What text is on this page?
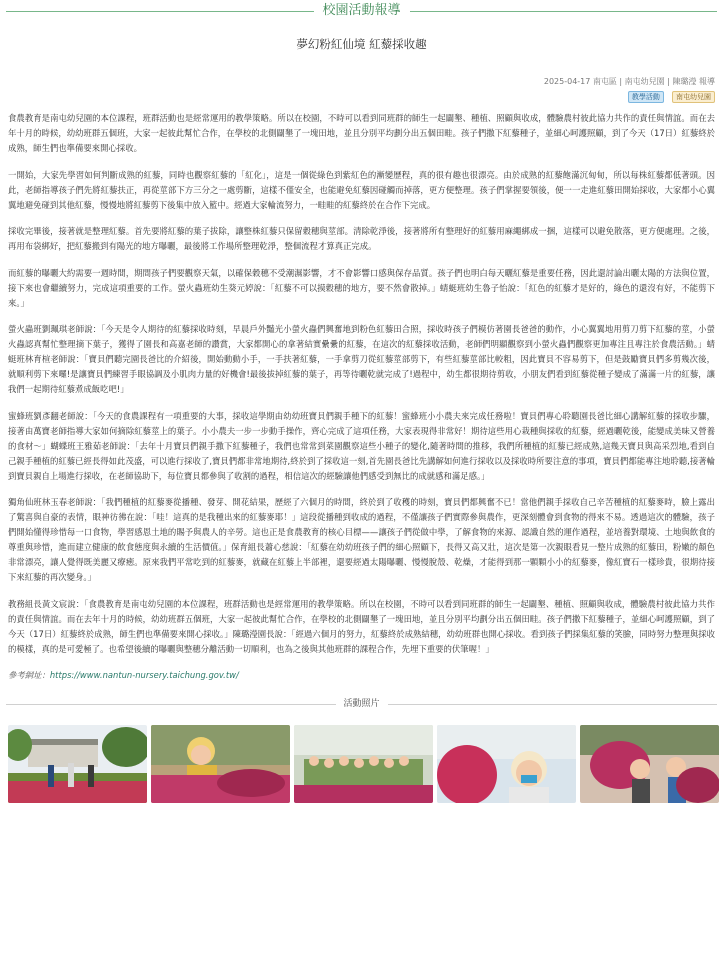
校園活動報導
夢幻粉紅仙境 紅藜採收趣
2025-04-17 南屯區 | 南屯幼兒園 | 陳璐瀅 報導
教學活動 南屯幼兒園

食農教育是南屯幼兒園的本位課程，班群活動也是經常運用的教學策略。所以在校園，不時可以看到同班群的師生一起闢墾、種植、照顧與收成，體驗農村彼此協力共作的責任與情誼。而在去年十月的時候，幼幼班群五個班，大家一起彼此幫忙合作，在學校的北側闢墾了一塊田地，並且分別平均劃分出五個田畦。孩子們撒下紅藜種子，並細心呵護照顧，到了今天（17日）紅藜終於成熟，師生們也準備要來開心採收。

一開始，大家先學習如何判斷成熟的紅藜，同時也觀察紅藜的「紅化」，這是一個從綠色到紫紅色的漸變歷程，真的很有趣也很漂亮。由於成熟的紅藜飽滿沉甸甸，所以每株紅藜都低著頭。因此，老師指導孩子們先將紅藜扶正，再從莖部下方三分之一處剪斷，這樣不僅安全，也能避免紅藜因碰觸而掉落，更方便整理。孩子們掌握要領後，便一一走進紅藜田開始採收，大家都小心翼翼地避免碰到其他紅藜，慢慢地將紅藜剪下後集中放入籃中。經過大家輪流努力，一畦畦的紅藜終於在合作下完成。

採收完畢後，接著就是整理紅藜。首先要將紅藜的葉子拔除，讓整株紅藜只保留穀穗與莖部。清除乾淨後，接著將所有整理好的紅藜用麻繩綁成一捆，這樣可以避免散落，更方便處理。之後，再用布袋綁好，把紅藜搬到有陽光的地方曝曬，最後將工作場所整理乾淨，整個流程才算真正完成。

而紅藜的曝曬大約需要一週時間，期間孩子們要觀察天氣，以確保穀穗不受潮濕影響，才不會影響口感與保存品質。孩子們也明白每天曬紅藜是重要任務，因此還討論出曬太陽的方法與位置，接下來也會繼續努力，完成這項重要的工作。螢火蟲班幼生葵元婷說：「紅藜不可以摸穀穗的地方，要不然會散掉。」蜻蜓班幼生魯子怡說：「紅色的紅藜才是好的，綠色的還沒有好，不能剪下來。」

螢火蟲班劉珮琪老師說：「今天是令人期待的紅藜採收時刻，早晨戶外豔光小螢火蟲們興奮地到粉色紅藜田合照，採收時孩子們模仿著園長爸爸的動作，小心翼翼地用剪刀剪下紅藜的莖，小螢火蟲認真幫忙整理摘下葉子，獲得了園長和高嘉老師的讚賞，大家都開心的拿著結實纍纍的紅藜，在這次的紅藜採收活動，老師們明顯觀察到小螢火蟲們觀察更加專注且專注於食農活動。」蜻蜓班林育楦老師說：「寶貝們聽完園長爸比的介紹後，開始動動小手，一手扶著紅藜，一手拿剪刀從紅藜莖部剪下，有些紅藜莖部比較粗，因此寶貝不容易剪下，但是鼓勵寶貝們多剪幾次後，就順利剪下來囉!是讓寶貝們練習手眼協調及小肌肉力量的好機會!最後拔掉紅藜的葉子，再等待曬乾就完成了!過程中，幼生都很期待剪收，小朋友們看到紅藜從種子變成了滿滿一片的紅藜，讓我們一起期待紅藜煮成飯吃吧!」

蜜蜂班劉彥翻老師說：「今天的食農課程有一項重要的大事，採收這學期由幼幼班寶貝們親手種下的紅藜！蜜蜂班小小農夫來完成任務啦！寶貝們專心聆聽園長爸比細心講解紅藜的採收步驟，接著由萬寶老師指導大家如何摘除紅藜莖上的葉子。小小農夫一步一步動手操作，齊心完成了這項任務，大家表現得非常好！期待這些用心栽種與採收的紅藜，經過曬乾後，能變成美味又營養的食材～」蝴蝶班王雅茹老師說：「去年十月寶貝們親手撒下紅藜種子，我們也常常到菜園觀察這些小種子的變化,隨著時間的推移，我們所種植的紅藜已經成熟,這幾天寶貝與高采烈地,看到自己親手種植的紅藜已經長得如此茂盛，可以進行採收了,寶貝們都非常地期待,終於到了採收這一刻,首先園長爸比先講解如何進行採收以及採收時所要注意的事項，寶貝們都能專注地聆聽,接著輪到寶貝親自上場進行採收，在老師協助下，每位寶貝都參與了收割的過程，相信這次的經驗讓他們感受到無比的成就感和滿足感。」

獨角仙班林玉春老師說：「我們種植的紅藜麥從播種、發芽、開花結果，歷經了六個月的時間，終於到了收穫的時刻，寶貝們都興奮不已！當他們親手採收自己辛苦種植的紅藜麥時，臉上露出了驚喜與自豪的表情，眼神彷彿在說：「哇！這真的是我種出來的紅藜麥耶！」這段從播種到收成的過程，不僅讓孩子們實際參與農作，更深刻體會到食物的得來不易。透過這次的體驗，孩子們開始懂得珍惜每一口食物，學習感恩土地的賜予與農人的辛勞。這也正是食農教育的核心目標——讓孩子們從做中學，了解食物的來源、認識自然的運作過程，並培養對環境、土地與飲食的尊重與珍惜，進而建立健康的飲食態度與永續的生活價值。」保育組長蕭心慈說：「紅藜在幼幼班孩子們的細心照顧下，長得又高又壯，這次是第一次親眼看見一整片成熟的紅藜田，粉嫩的顏色非常漂亮，讓人覺得既美麗又療癒。原來我們平常吃到的紅藜麥，就藏在紅藜上半部裡，還要經過太陽曝曬、慢慢脫殼、乾燥，才能得到那一顆顆小小的紅藜麥，像紅寶石一樣珍貴，很期待接下來紅藜的再次變身。」

教務組長黃文宸說：「食農教育是南屯幼兒園的本位課程，班群活動也是經常運用的教學策略。所以在校園，不時可以看到同班群的師生一起闢墾、種植、照顧與收成，體驗農村彼此協力共作的責任與情誼。而在去年十月的時候，幼幼班群五個班，大家一起彼此幫忙合作，在學校的北側闢墾了一塊田地，並且分別平均劃分出五個田畦。孩子們撒下紅藜種子，並細心呵護照顧，到了今天（17日）紅藜終於成熟，師生們也準備要來開心採收。」陳璐瀅園長說：「經過六個月的努力，紅藜終於成熟結穗，幼幼班群也開心採收。看到孩子們採集紅藜的笑臉，同時努力整理與採收的模樣，真的是可愛極了。也希望後續的曝曬與整穗分離活動一切順利，也為之後與其他班群的課程合作，先埋下重要的伏筆喔！」

參考網址：https://www.nantun-nursery.taichung.gov.tw/
活動照片
